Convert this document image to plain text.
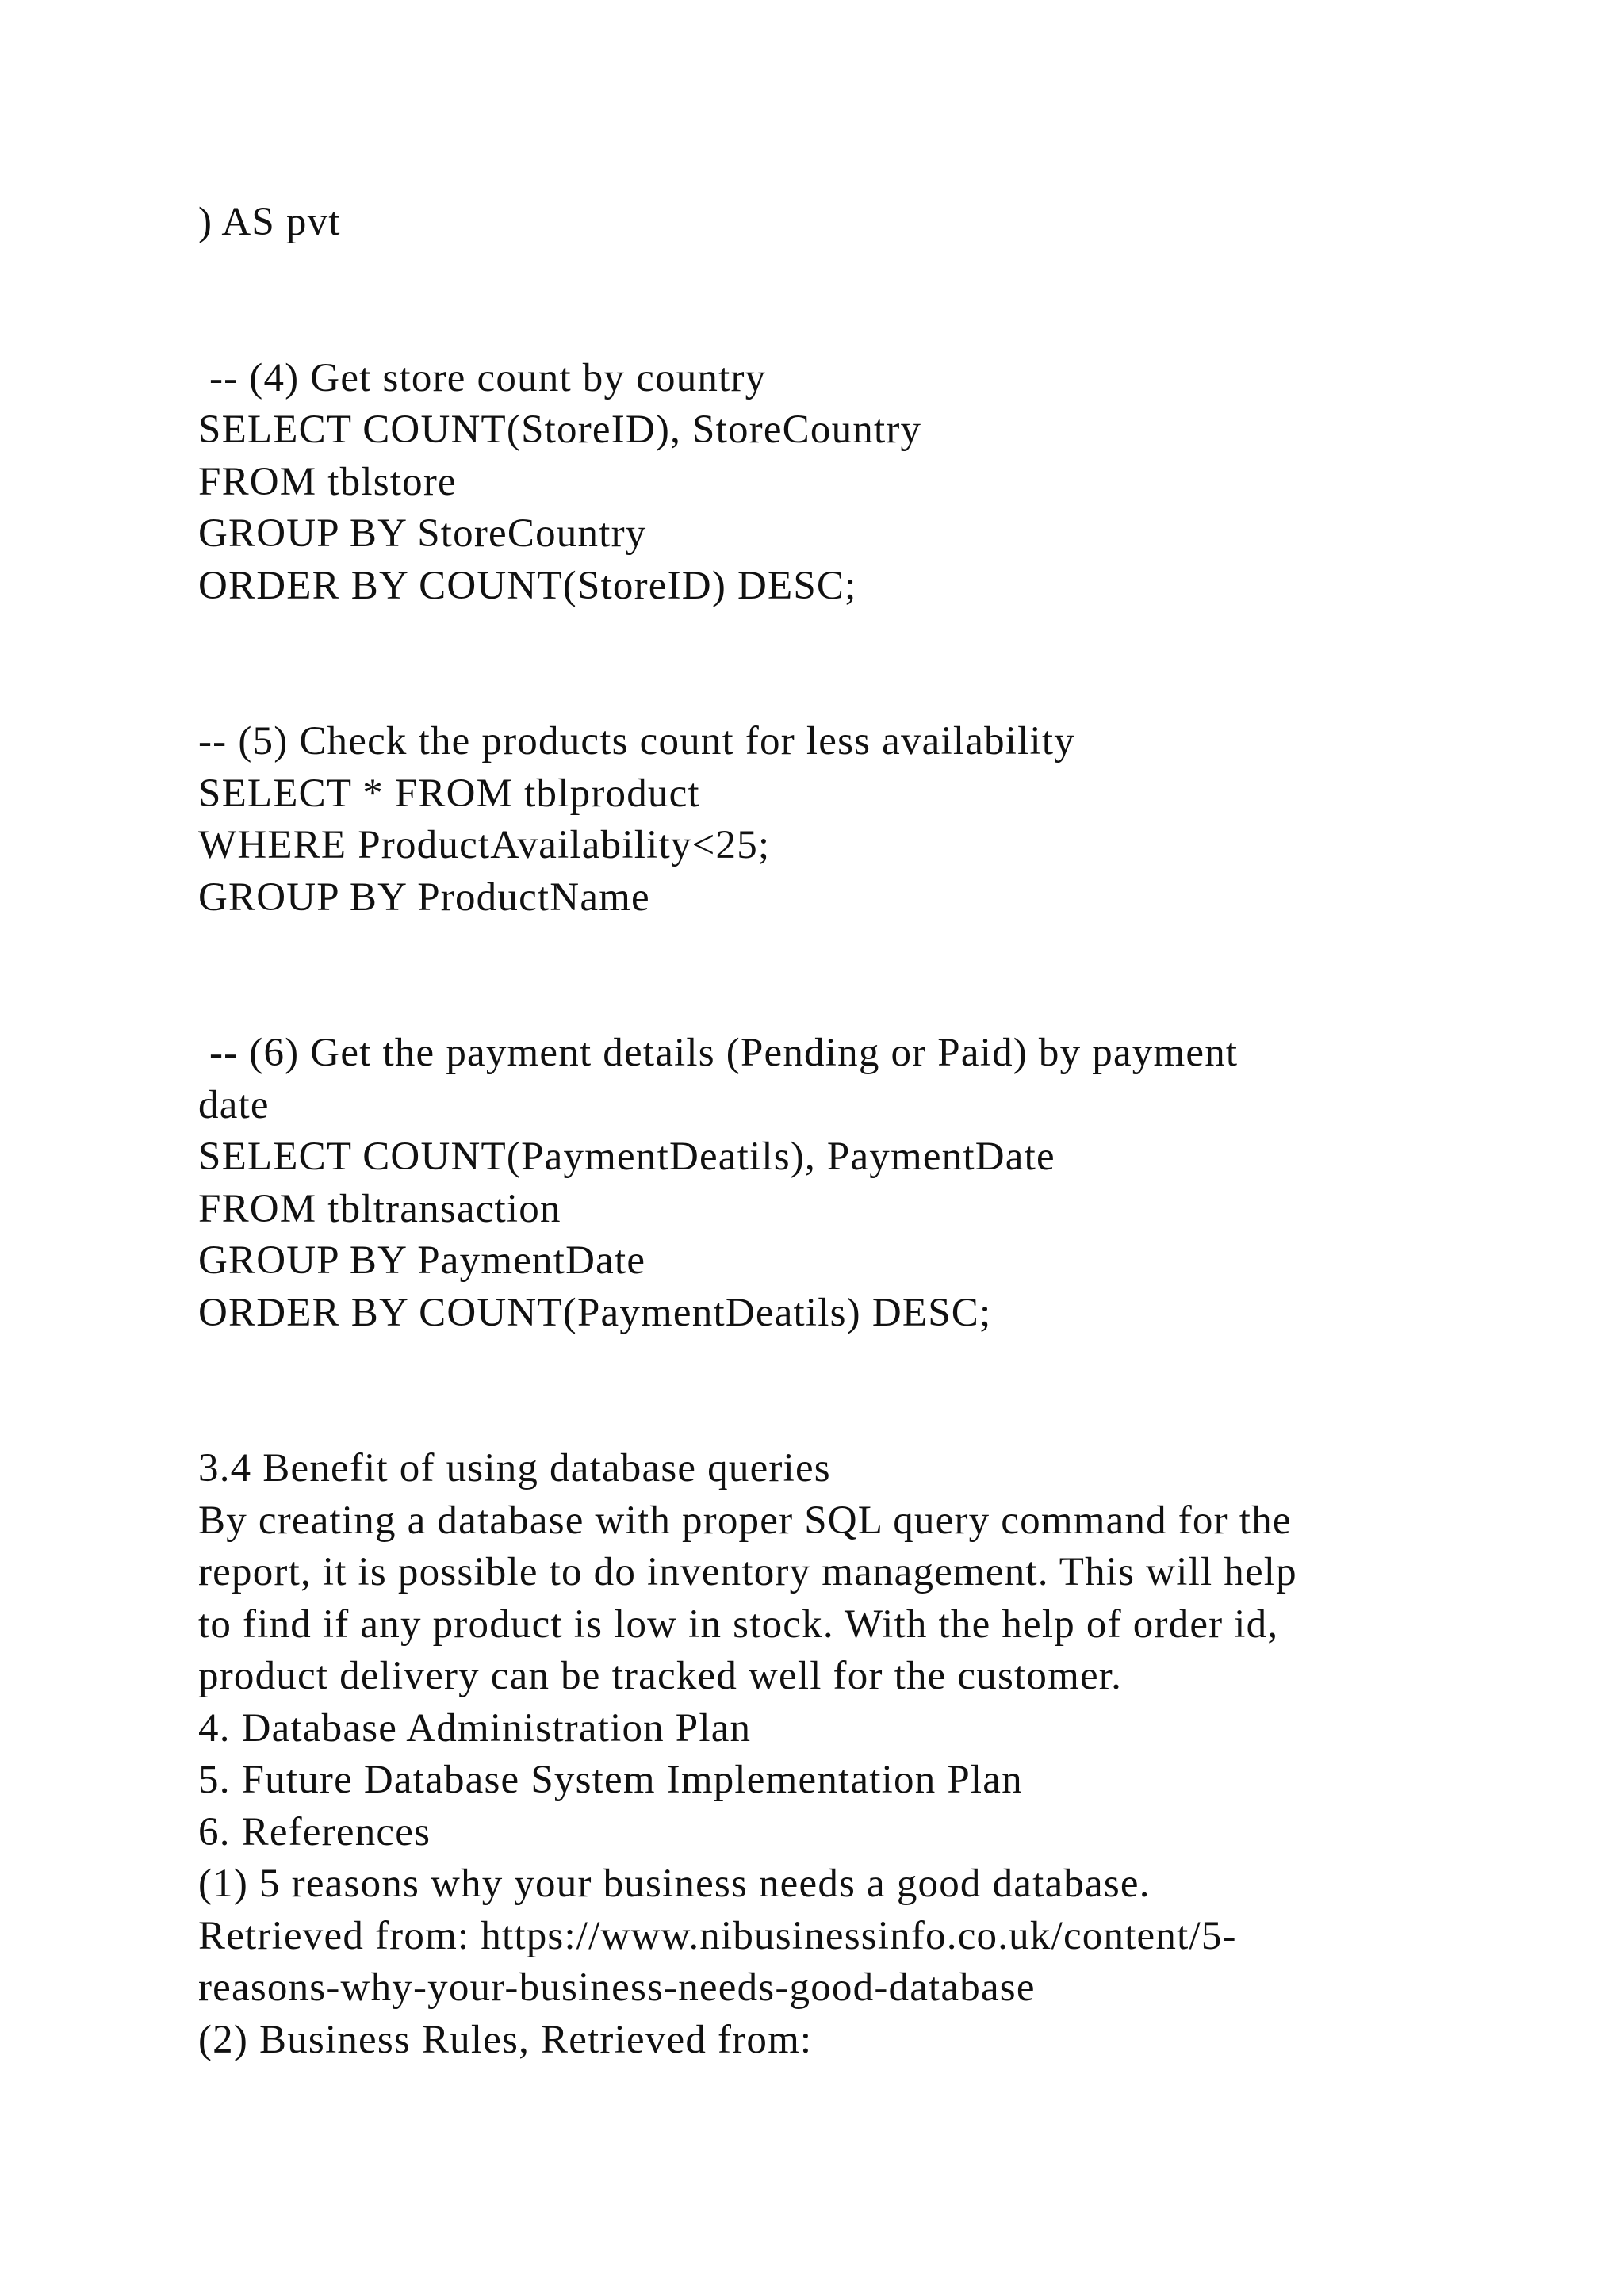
) AS pvt
-- (4) Get store count by country
SELECT COUNT(StoreID), StoreCountry
FROM tblstore
GROUP BY StoreCountry
ORDER BY COUNT(StoreID) DESC;
-- (5) Check the products count for less availability
SELECT * FROM tblproduct
WHERE ProductAvailability<25;
GROUP BY ProductName
-- (6) Get the payment details (Pending or Paid) by payment
date
SELECT COUNT(PaymentDeatils), PaymentDate
FROM tbltransaction
GROUP BY PaymentDate
ORDER BY COUNT(PaymentDeatils) DESC;
3.4 Benefit of using database queries
By creating a database with proper SQL query command for the
report, it is possible to do inventory management. This will help
to find if any product is low in stock. With the help of order id,
product delivery can be tracked well for the customer.
4. Database Administration Plan
5. Future Database System Implementation Plan
6. References
(1) 5 reasons why your business needs a good database.
Retrieved from: https://www.nibusinessinfo.co.uk/content/5-
reasons-why-your-business-needs-good-database
(2) Business Rules, Retrieved from:
